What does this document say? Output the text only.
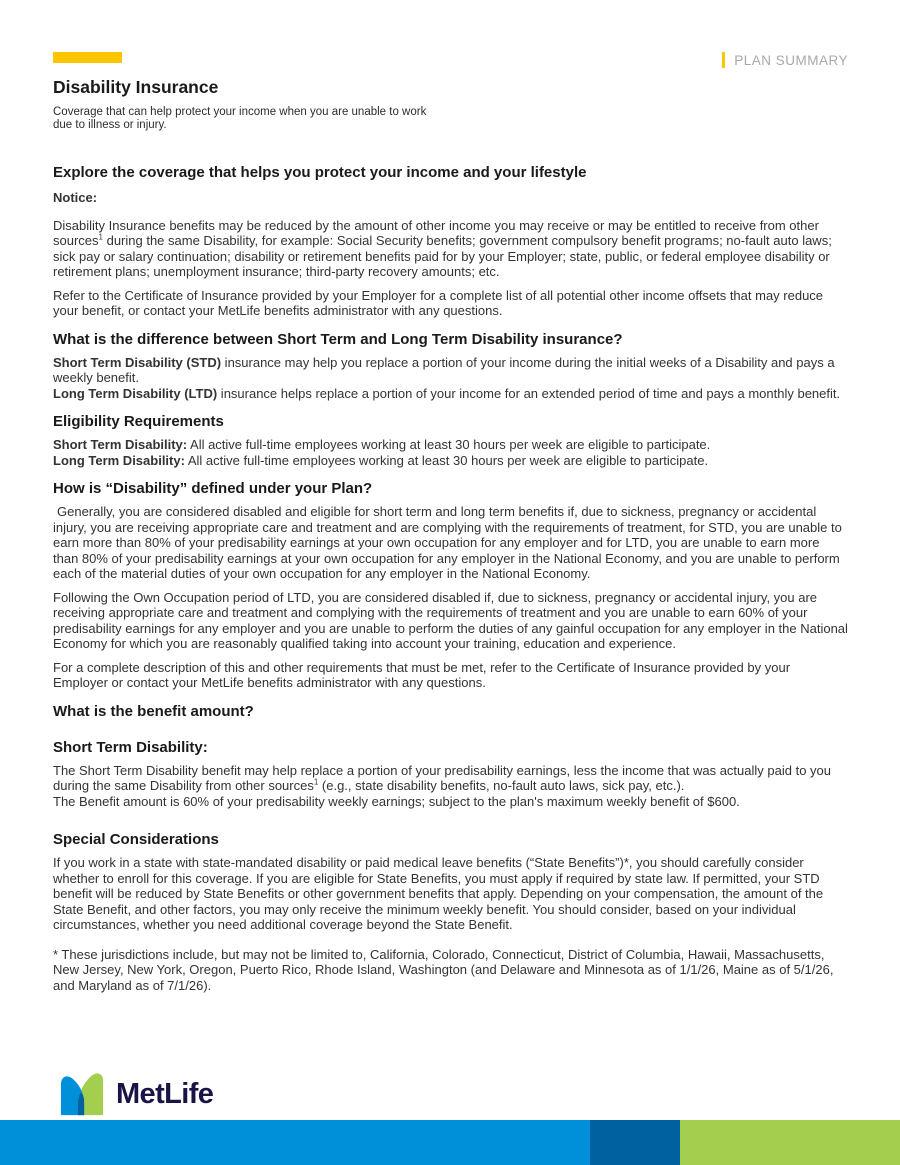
PLAN SUMMARY
Disability Insurance
Coverage that can help protect your income when you are unable to work due to illness or injury.
Explore the coverage that helps you protect your income and your lifestyle
Notice:

Disability Insurance benefits may be reduced by the amount of other income you may receive or may be entitled to receive from other sources$^1$ during the same Disability, for example: Social Security benefits; government compulsory benefit programs; no-fault auto laws; sick pay or salary continuation; disability or retirement benefits paid for by your Employer; state, public, or federal employee disability or retirement plans; unemployment insurance; third-party recovery amounts; etc.

Refer to the Certificate of Insurance provided by your Employer for a complete list of all potential other income offsets that may reduce your benefit, or contact your MetLife benefits administrator with any questions.

What is the difference between Short Term and Long Term Disability insurance?

Short Term Disability (STD) insurance may help you replace a portion of your income during the initial weeks of a Disability and pays a weekly benefit.
Long Term Disability (LTD) insurance helps replace a portion of your income for an extended period of time and pays a monthly benefit.

Eligibility Requirements

Short Term Disability: All active full-time employees working at least 30 hours per week are eligible to participate.
Long Term Disability: All active full-time employees working at least 30 hours per week are eligible to participate.

How is “Disability” defined under your Plan?

Generally, you are considered disabled and eligible for short term and long term benefits if, due to sickness, pregnancy or accidental injury, you are receiving appropriate care and treatment and are complying with the requirements of treatment, for STD, you are unable to earn more than 80% of your predisability earnings at your own occupation for any employer and for LTD, you are unable to earn more than 80% of your predisability earnings at your own occupation for any employer in the National Economy, and you are unable to perform each of the material duties of your own occupation for any employer in the National Economy.

Following the Own Occupation period of LTD, you are considered disabled if, due to sickness, pregnancy or accidental injury, you are receiving appropriate care and treatment and complying with the requirements of treatment and you are unable to earn 60% of your predisability earnings for any employer and you are unable to perform the duties of any gainful occupation for any employer in the National Economy for which you are reasonably qualified taking into account your training, education and experience.

For a complete description of this and other requirements that must be met, refer to the Certificate of Insurance provided by your Employer or contact your MetLife benefits administrator with any questions.

What is the benefit amount?
Short Term Disability:

The Short Term Disability benefit may help replace a portion of your predisability earnings, less the income that was actually paid to you during the same Disability from other sources$^1$ (e.g., state disability benefits, no-fault auto laws, sick pay, etc.).
The Benefit amount is 60% of your predisability weekly earnings; subject to the plan's maximum weekly benefit of $600.

Special Considerations

If you work in a state with state-mandated disability or paid medical leave benefits (“State Benefits”)*, you should carefully consider whether to enroll for this coverage. If you are eligible for State Benefits, you must apply if required by state law. If permitted, your STD benefit will be reduced by State Benefits or other government benefits that apply. Depending on your compensation, the amount of the State Benefit, and other factors, you may only receive the minimum weekly benefit. You should consider, based on your individual circumstances, whether you need additional coverage beyond the State Benefit.

* These jurisdictions include, but may not be limited to, California, Colorado, Connecticut, District of Columbia, Hawaii, Massachusetts, New Jersey, New York, Oregon, Puerto Rico, Rhode Island, Washington (and Delaware and Minnesota as of 1/1/26, Maine as of 5/1/26, and Maryland as of 7/1/26).

MetLife
